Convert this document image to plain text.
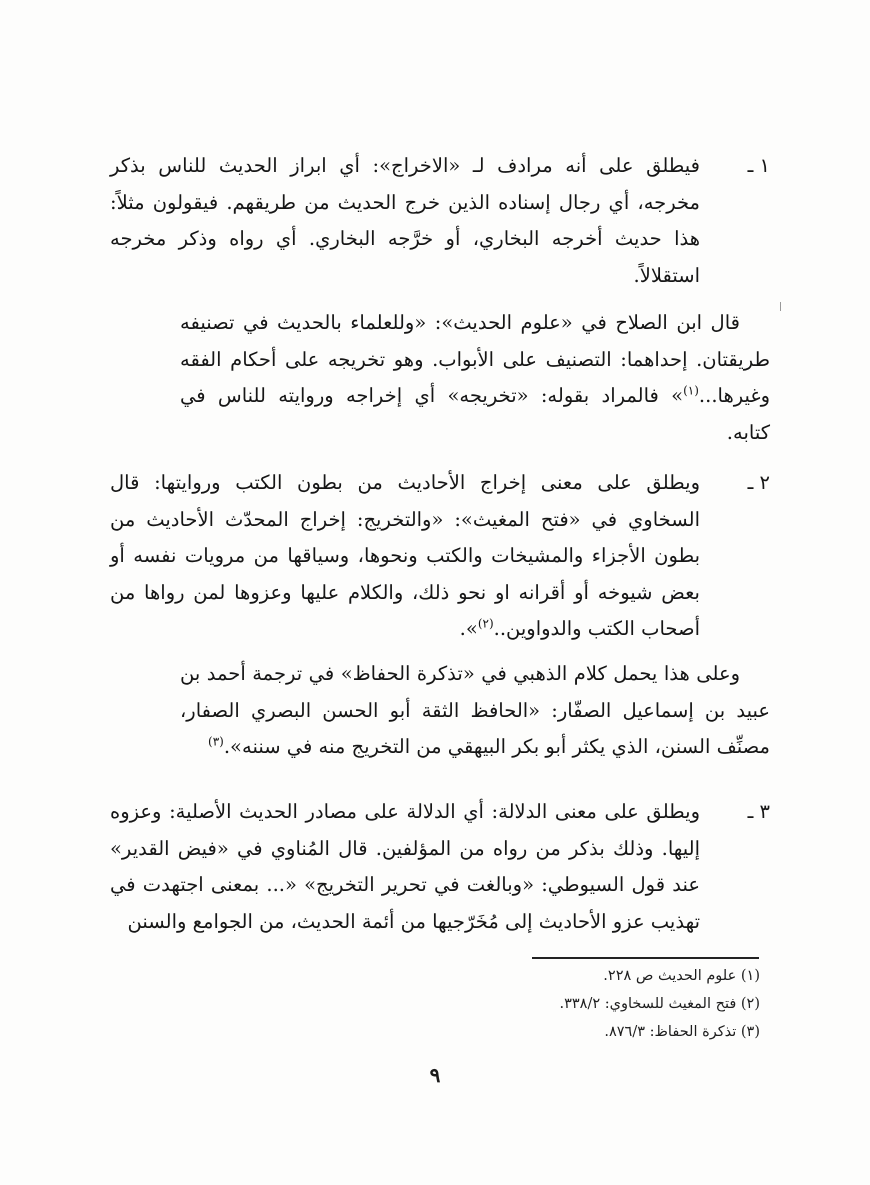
١ ـ
فيطلق على أنه مرادف لـ «الاخراج»: أي ابراز الحديث للناس بذكر مخرجه، أي رجال إسناده الذين خرج الحديث من طريقهم. فيقولون مثلاً: هذا حديث أخرجه البخاري، أو خرَّجه البخاري. أي رواه وذكر مخرجه استقلالاً.
قال ابن الصلاح في «علوم الحديث»: «وللعلماء بالحديث في تصنيفه طريقتان. إحداهما: التصنيف على الأبواب. وهو تخريجه على أحكام الفقه وغيرها...$^{(١)}$» فالمراد بقوله: «تخريجه» أي إخراجه وروايته للناس في كتابه.
٢ ـ
ويطلق على معنى إخراج الأحاديث من بطون الكتب وروايتها: قال السخاوي في «فتح المغيث»: «والتخريج: إخراج المحدّث الأحاديث من بطون الأجزاء والمشيخات والكتب ونحوها، وسياقها من مرويات نفسه أو بعض شيوخه أو أقرانه او نحو ذلك، والكلام عليها وعزوها لمن رواها من أصحاب الكتب والدواوين..$^{(٢)}$».
وعلى هذا يحمل كلام الذهبي في «تذكرة الحفاظ» في ترجمة أحمد بن عبيد بن إسماعيل الصفّار: «الحافظ الثقة أبو الحسن البصري الصفار، مصنِّف السنن، الذي يكثر أبو بكر البيهقي من التخريج منه في سننه».$^{(٣)}$
٣ ـ
ويطلق على معنى الدلالة: أي الدلالة على مصادر الحديث الأصلية: وعزوه إليها. وذلك بذكر من رواه من المؤلفين. قال المُناوي في «فيض القدير» عند قول السيوطي: «وبالغت في تحرير التخريج» «... بمعنى اجتهدت في تهذيب عزو الأحاديث إلى مُخَرّجيها من أئمة الحديث، من الجوامع والسنن
(١) علوم الحديث ص ٢٢٨.
(٢) فتح المغيث للسخاوي: ٣٣٨/٢.
(٣) تذكرة الحفاظ: ٨٧٦/٣.
٩
